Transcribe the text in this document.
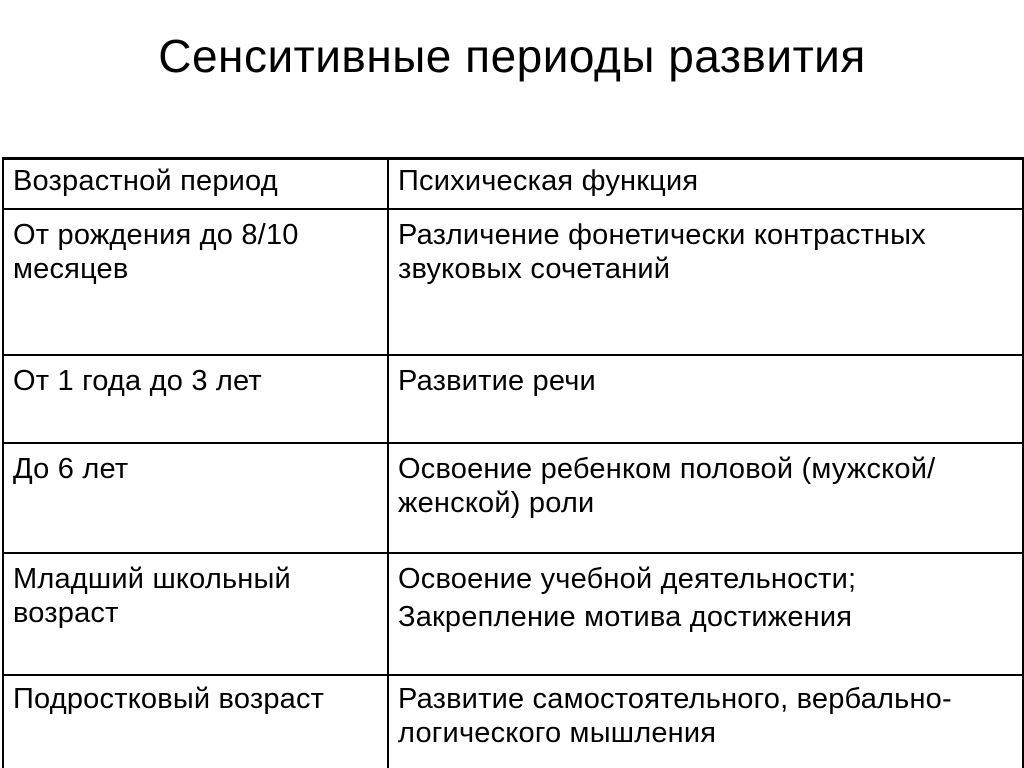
Сенситивные периоды развития
Возрастной период	Психическая функция
От рождения до 8/10 месяцев	Различение фонетически контрастных звуковых сочетаний

От 1 года до 3 лет	Развитие речи

До 6 лет	Освоение ребенком половой (мужской/женской) роли

Младший школьный возраст	Освоение учебной деятельности;
Закрепление мотива достижения

Подростковый возраст	Развитие самостоятельного, вербально-логического мышления
